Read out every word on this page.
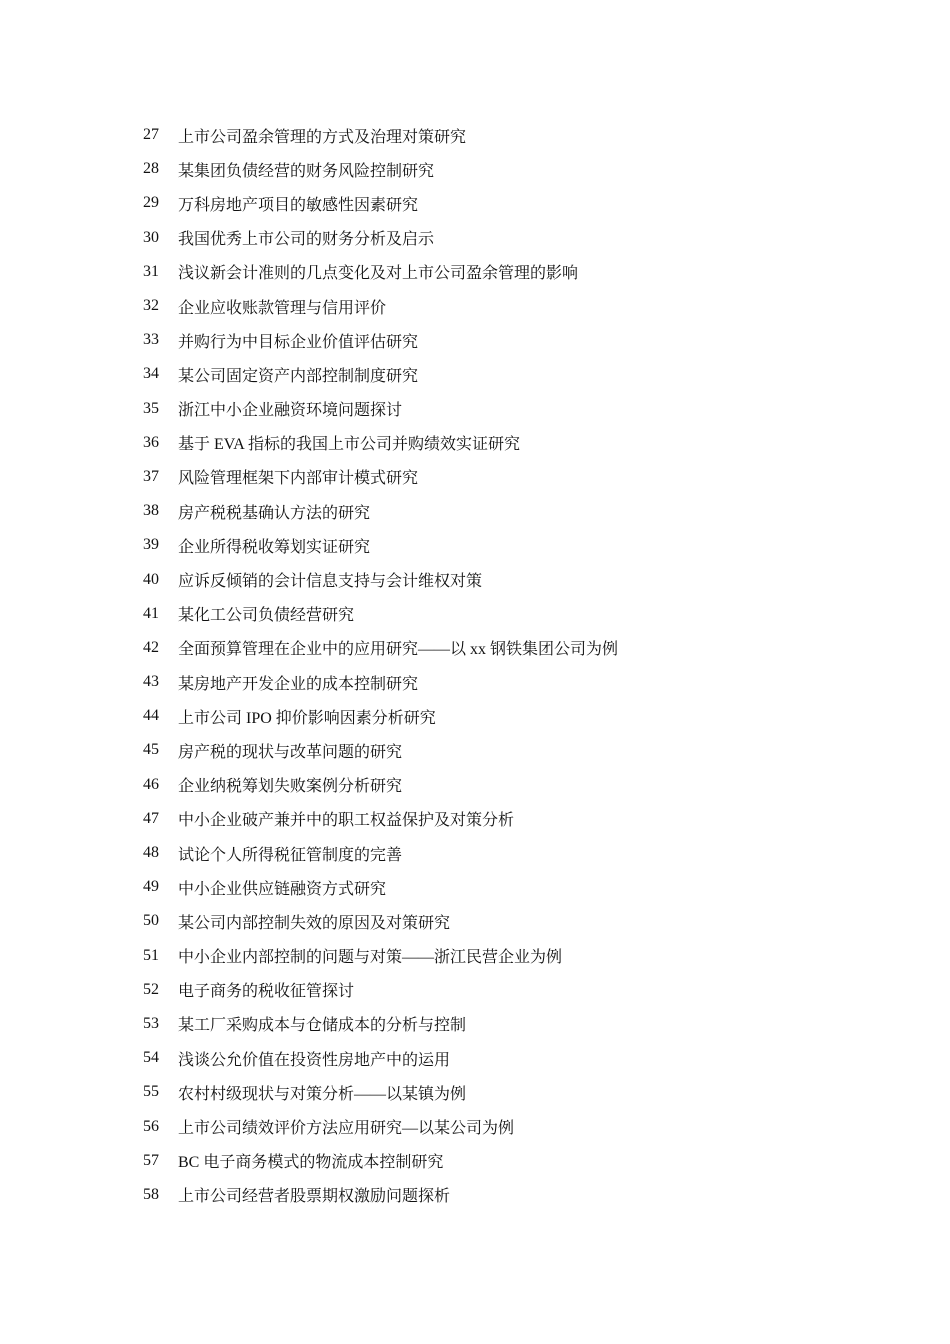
27	上市公司盈余管理的方式及治理对策研究
28	某集团负债经营的财务风险控制研究
29	万科房地产项目的敏感性因素研究
30	我国优秀上市公司的财务分析及启示
31	浅议新会计准则的几点变化及对上市公司盈余管理的影响
32	企业应收账款管理与信用评价
33	并购行为中目标企业价值评估研究
34	某公司固定资产内部控制制度研究
35	浙江中小企业融资环境问题探讨
36	基于 EVA 指标的我国上市公司并购绩效实证研究
37	风险管理框架下内部审计模式研究
38	房产税税基确认方法的研究
39	企业所得税收筹划实证研究
40	应诉反倾销的会计信息支持与会计维权对策
41	某化工公司负债经营研究
42	全面预算管理在企业中的应用研究——以 xx 钢铁集团公司为例
43	某房地产开发企业的成本控制研究
44	上市公司 IPO 抑价影响因素分析研究
45	房产税的现状与改革问题的研究
46	企业纳税筹划失败案例分析研究
47	中小企业破产兼并中的职工权益保护及对策分析
48	试论个人所得税征管制度的完善
49	中小企业供应链融资方式研究
50	某公司内部控制失效的原因及对策研究
51	中小企业内部控制的问题与对策——浙江民营企业为例
52	电子商务的税收征管探讨
53	某工厂采购成本与仓储成本的分析与控制
54	浅谈公允价值在投资性房地产中的运用
55	农村村级现状与对策分析——以某镇为例
56	上市公司绩效评价方法应用研究—以某公司为例
57	BC 电子商务模式的物流成本控制研究
58	上市公司经营者股票期权激励问题探析
